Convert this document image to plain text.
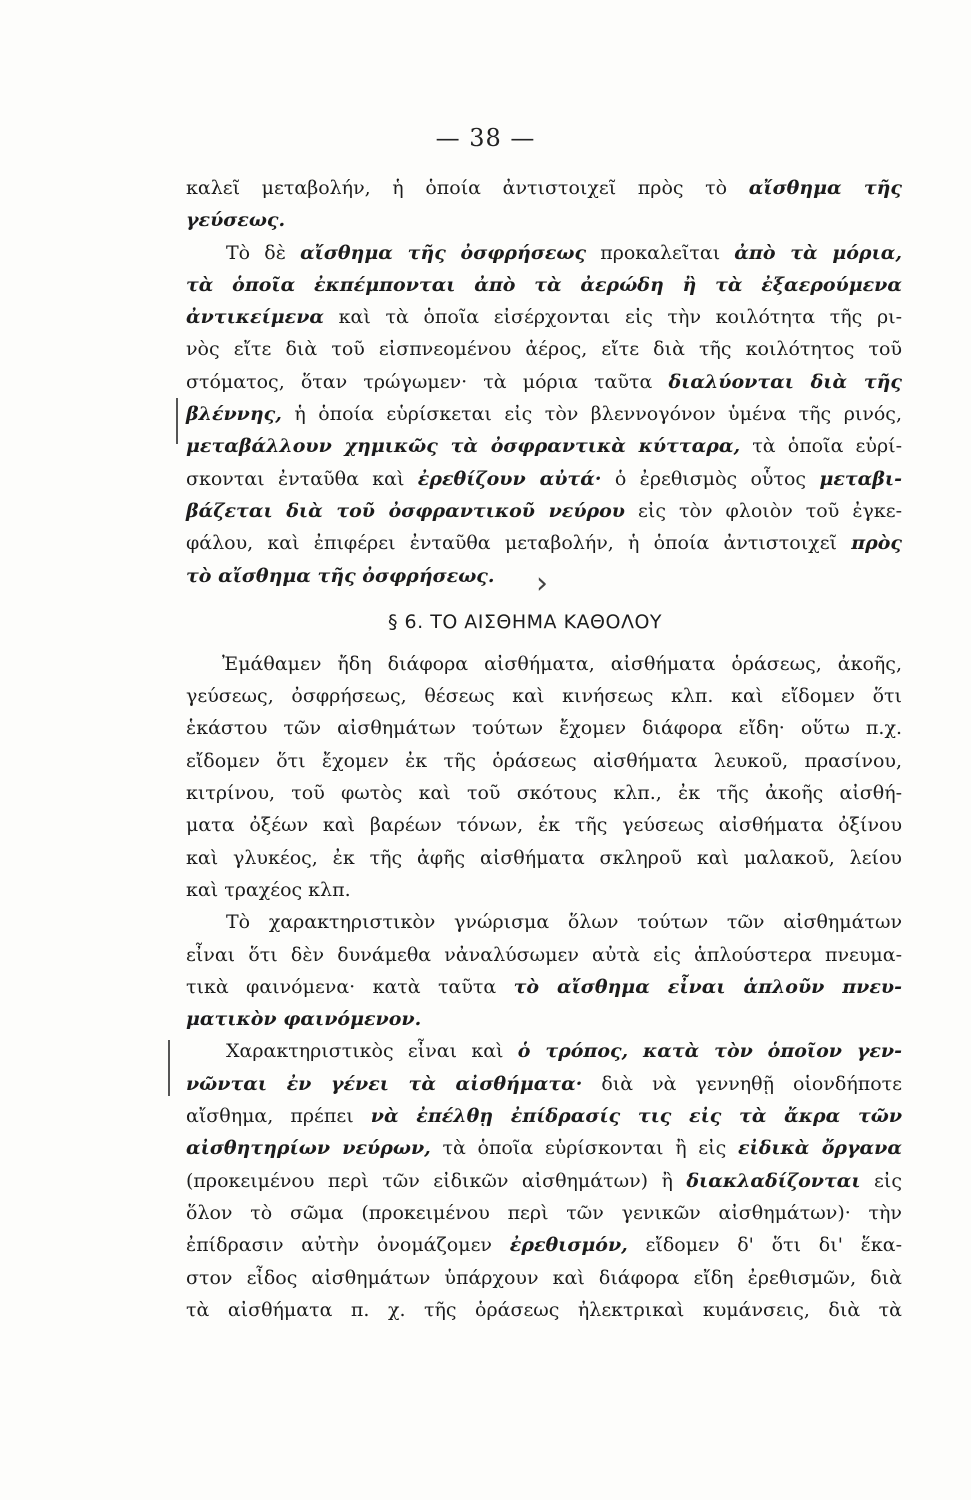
— 38 —
›
καλεῖ μεταβολήν, ἡ ὁποία ἀντιστοιχεῖ πρὸς τὸ αἴσθημα τῆς
γεύσεως.
Τὸ δὲ αἴσθημα τῆς ὀσφρήσεως προκαλεῖται ἀπὸ τὰ μόρια,
τὰ ὁποῖα ἐκπέμπονται ἀπὸ τὰ ἀερώδη ἢ τὰ ἐξαερούμενα
ἀντικείμενα καὶ τὰ ὁποῖα εἰσέρχονται εἰς τὴν κοιλότητα τῆς ρι-
νὸς εἴτε διὰ τοῦ εἰσπνεομένου ἀέρος, εἴτε διὰ τῆς κοιλότητος τοῦ
στόματος, ὅταν τρώγωμεν· τὰ μόρια ταῦτα διαλύονται διὰ τῆς
βλέννης, ἡ ὁποία εὑρίσκεται εἰς τὸν βλεννογόνον ὑμένα τῆς ρινός,
μεταβάλλουν χημικῶς τὰ ὀσφραντικὰ κύτταρα, τὰ ὁποῖα εὑρί-
σκονται ἐνταῦθα καὶ ἐρεθίζουν αὐτά· ὁ ἐρεθισμὸς οὗτος μεταβι-
βάζεται διὰ τοῦ ὀσφραντικοῦ νεύρου εἰς τὸν φλοιὸν τοῦ ἐγκε-
φάλου, καὶ ἐπιφέρει ἐνταῦθα μεταβολήν, ἡ ὁποία ἀντιστοιχεῖ πρὸς
τὸ αἴσθημα τῆς ὀσφρήσεως.
§ 6. ΤΟ ΑΙΣΘΗΜΑ ΚΑΘΟΛΟΥ
Ἐμάθαμεν ἤδη διάφορα αἰσθήματα, αἰσθήματα ὁράσεως, ἀκοῆς,
γεύσεως, ὀσφρήσεως, θέσεως καὶ κινήσεως κλπ. καὶ εἴδομεν ὅτι
ἑκάστου τῶν αἰσθημάτων τούτων ἔχομεν διάφορα εἴδη· οὕτω π.χ.
εἴδομεν ὅτι ἔχομεν ἐκ τῆς ὁράσεως αἰσθήματα λευκοῦ, πρασίνου,
κιτρίνου, τοῦ φωτὸς καὶ τοῦ σκότους κλπ., ἐκ τῆς ἀκοῆς αἰσθή-
ματα ὀξέων καὶ βαρέων τόνων, ἐκ τῆς γεύσεως αἰσθήματα ὀξίνου
καὶ γλυκέος, ἐκ τῆς ἀφῆς αἰσθήματα σκληροῦ καὶ μαλακοῦ, λείου
καὶ τραχέος κλπ.
Τὸ χαρακτηριστικὸν γνώρισμα ὅλων τούτων τῶν αἰσθημάτων
εἶναι ὅτι δὲν δυνάμεθα νἀναλύσωμεν αὐτὰ εἰς ἁπλούστερα πνευμα-
τικὰ φαινόμενα· κατὰ ταῦτα τὸ αἴσθημα εἶναι ἁπλοῦν πνευ-
ματικὸν φαινόμενον.
Χαρακτηριστικὸς εἶναι καὶ ὁ τρόπος, κατὰ τὸν ὁποῖον γεν-
νῶνται ἐν γένει τὰ αἰσθήματα· διὰ νὰ γεννηθῇ οἱονδήποτε
αἴσθημα, πρέπει νὰ ἐπέλθῃ ἐπίδρασίς τις εἰς τὰ ἄκρα τῶν
αἰσθητηρίων νεύρων, τὰ ὁποῖα εὑρίσκονται ἢ εἰς εἰδικὰ ὄργανα
(προκειμένου περὶ τῶν εἰδικῶν αἰσθημάτων) ἢ διακλαδίζονται εἰς
ὅλον τὸ σῶμα (προκειμένου περὶ τῶν γενικῶν αἰσθημάτων)· τὴν
ἐπίδρασιν αὐτὴν ὀνομάζομεν ἐρεθισμόν, εἴδομεν δ' ὅτι δι' ἕκα-
στον εἶδος αἰσθημάτων ὑπάρχουν καὶ διάφορα εἴδη ἐρεθισμῶν, διὰ
τὰ αἰσθήματα π. χ. τῆς ὁράσεως ἠλεκτρικαὶ κυμάνσεις, διὰ τὰ
